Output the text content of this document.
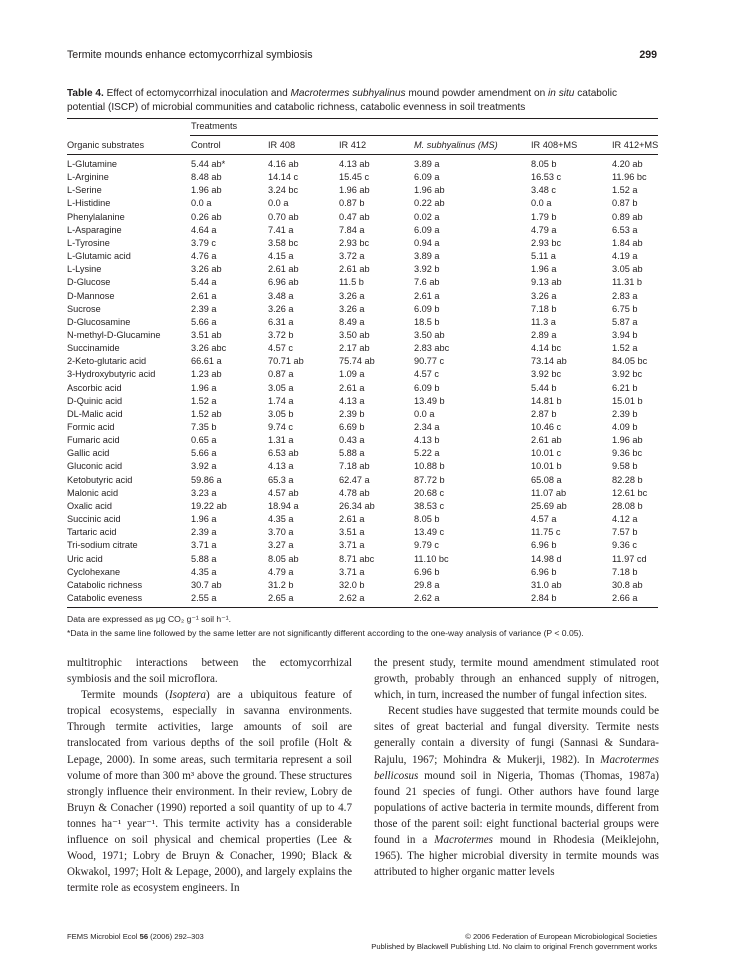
Termite mounds enhance ectomycorrhizal symbiosis	299
Table 4. Effect of ectomycorrhizal inoculation and Macrotermes subhyalinus mound powder amendment on in situ catabolic potential (ISCP) of microbial communities and catabolic richness, catabolic evenness in soil treatments
Treatments
Organic substrates	Control	IR 408	IR 412	M. subhyalinus (MS)	IR 408+MS	IR 412+MS
L-Glutamine	5.44 ab*	4.16 ab	4.13 ab	3.89 a	8.05 b	4.20 ab
L-Arginine	8.48 ab	14.14 c	15.45 c	6.09 a	16.53 c	11.96 bc
L-Serine	1.96 ab	3.24 bc	1.96 ab	1.96 ab	3.48 c	1.52 a
L-Histidine	0.0 a	0.0 a	0.87 b	0.22 ab	0.0 a	0.87 b
Phenylalanine	0.26 ab	0.70 ab	0.47 ab	0.02 a	1.79 b	0.89 ab
L-Asparagine	4.64 a	7.41 a	7.84 a	6.09 a	4.79 a	6.53 a
L-Tyrosine	3.79 c	3.58 bc	2.93 bc	0.94 a	2.93 bc	1.84 ab
L-Glutamic acid	4.76 a	4.15 a	3.72 a	3.89 a	5.11 a	4.19 a
L-Lysine	3.26 ab	2.61 ab	2.61 ab	3.92 b	1.96 a	3.05 ab
D-Glucose	5.44 a	6.96 ab	11.5 b	7.6 ab	9.13 ab	11.31 b
D-Mannose	2.61 a	3.48 a	3.26 a	2.61 a	3.26 a	2.83 a
Sucrose	2.39 a	3.26 a	3.26 a	6.09 b	7.18 b	6.75 b
D-Glucosamine	5.66 a	6.31 a	8.49 a	18.5 b	11.3 a	5.87 a
N-methyl-D-Glucamine	3.51 ab	3.72 b	3.50 ab	3.50 ab	2.89 a	3.94 b
Succinamide	3.26 abc	4.57 c	2.17 ab	2.83 abc	4.14 bc	1.52 a
2-Keto-glutaric acid	66.61 a	70.71 ab	75.74 ab	90.77 c	73.14 ab	84.05 bc
3-Hydroxybutyric acid	1.23 ab	0.87 a	1.09 a	4.57 c	3.92 bc	3.92 bc
Ascorbic acid	1.96 a	3.05 a	2.61 a	6.09 b	5.44 b	6.21 b
D-Quinic acid	1.52 a	1.74 a	4.13 a	13.49 b	14.81 b	15.01 b
DL-Malic acid	1.52 ab	3.05 b	2.39 b	0.0 a	2.87 b	2.39 b
Formic acid	7.35 b	9.74 c	6.69 b	2.34 a	10.46 c	4.09 b
Fumaric acid	0.65 a	1.31 a	0.43 a	4.13 b	2.61 ab	1.96 ab
Gallic acid	5.66 a	6.53 ab	5.88 a	5.22 a	10.01 c	9.36 bc
Gluconic acid	3.92 a	4.13 a	7.18 ab	10.88 b	10.01 b	9.58 b
Ketobutyric acid	59.86 a	65.3 a	62.47 a	87.72 b	65.08 a	82.28 b
Malonic acid	3.23 a	4.57 ab	4.78 ab	20.68 c	11.07 ab	12.61 bc
Oxalic acid	19.22 ab	18.94 a	26.34 ab	38.53 c	25.69 ab	28.08 b
Succinic acid	1.96 a	4.35 a	2.61 a	8.05 b	4.57 a	4.12 a
Tartaric acid	2.39 a	3.70 a	3.51 a	13.49 c	11.75 c	7.57 b
Tri-sodium citrate	3.71 a	3.27 a	3.71 a	9.79 c	6.96 b	9.36 c
Uric acid	5.88 a	8.05 ab	8.71 abc	11.10 bc	14.98 d	11.97 cd
Cyclohexane	4.35 a	4.79 a	3.71 a	6.96 b	6.96 b	7.18 b
Catabolic richness	30.7 ab	31.2 b	32.0 b	29.8 a	31.0 ab	30.8 ab
Catabolic eveness	2.55 a	2.65 a	2.62 a	2.62 a	2.84 b	2.66 a
Data are expressed as μg CO₂ g⁻¹ soil h⁻¹.
*Data in the same line followed by the same letter are not significantly different according to the one-way analysis of variance (P < 0.05).

multitrophic interactions between the ectomycorrhizal symbiosis and the soil microflora.

Termite mounds (Isoptera) are a ubiquitous feature of tropical ecosystems, especially in savanna environments. Through termite activities, large amounts of soil are translocated from various depths of the soil profile (Holt & Lepage, 2000). In some areas, such termitaria represent a soil volume of more than 300 m³ above the ground. These structures strongly influence their environment. In their review, Lobry de Bruyn & Conacher (1990) reported a soil quantity of up to 4.7 tonnes ha⁻¹ year⁻¹. This termite activity has a considerable influence on soil physical and chemical properties (Lee & Wood, 1971; Lobry de Bruyn & Conacher, 1990; Black & Okwakol, 1997; Holt & Lepage, 2000), and largely explains the termite role as ecosystem engineers. In

the present study, termite mound amendment stimulated root growth, probably through an enhanced supply of nitrogen, which, in turn, increased the number of fungal infection sites.

Recent studies have suggested that termite mounds could be sites of great bacterial and fungal diversity. Termite nests generally contain a diversity of fungi (Sannasi & Sundara-Rajulu, 1967; Mohindra & Mukerji, 1982). In Macrotermes bellicosus mound soil in Nigeria, Thomas (Thomas, 1987a) found 21 species of fungi. Other authors have found large populations of active bacteria in termite mounds, different from those of the parent soil: eight functional bacterial groups were found in a Macrotermes mound in Rhodesia (Meiklejohn, 1965). The higher microbial diversity in termite mounds was attributed to higher organic matter levels

FEMS Microbiol Ecol 56 (2006) 292–303	© 2006 Federation of European Microbiological Societies
Published by Blackwell Publishing Ltd. No claim to original French government works
